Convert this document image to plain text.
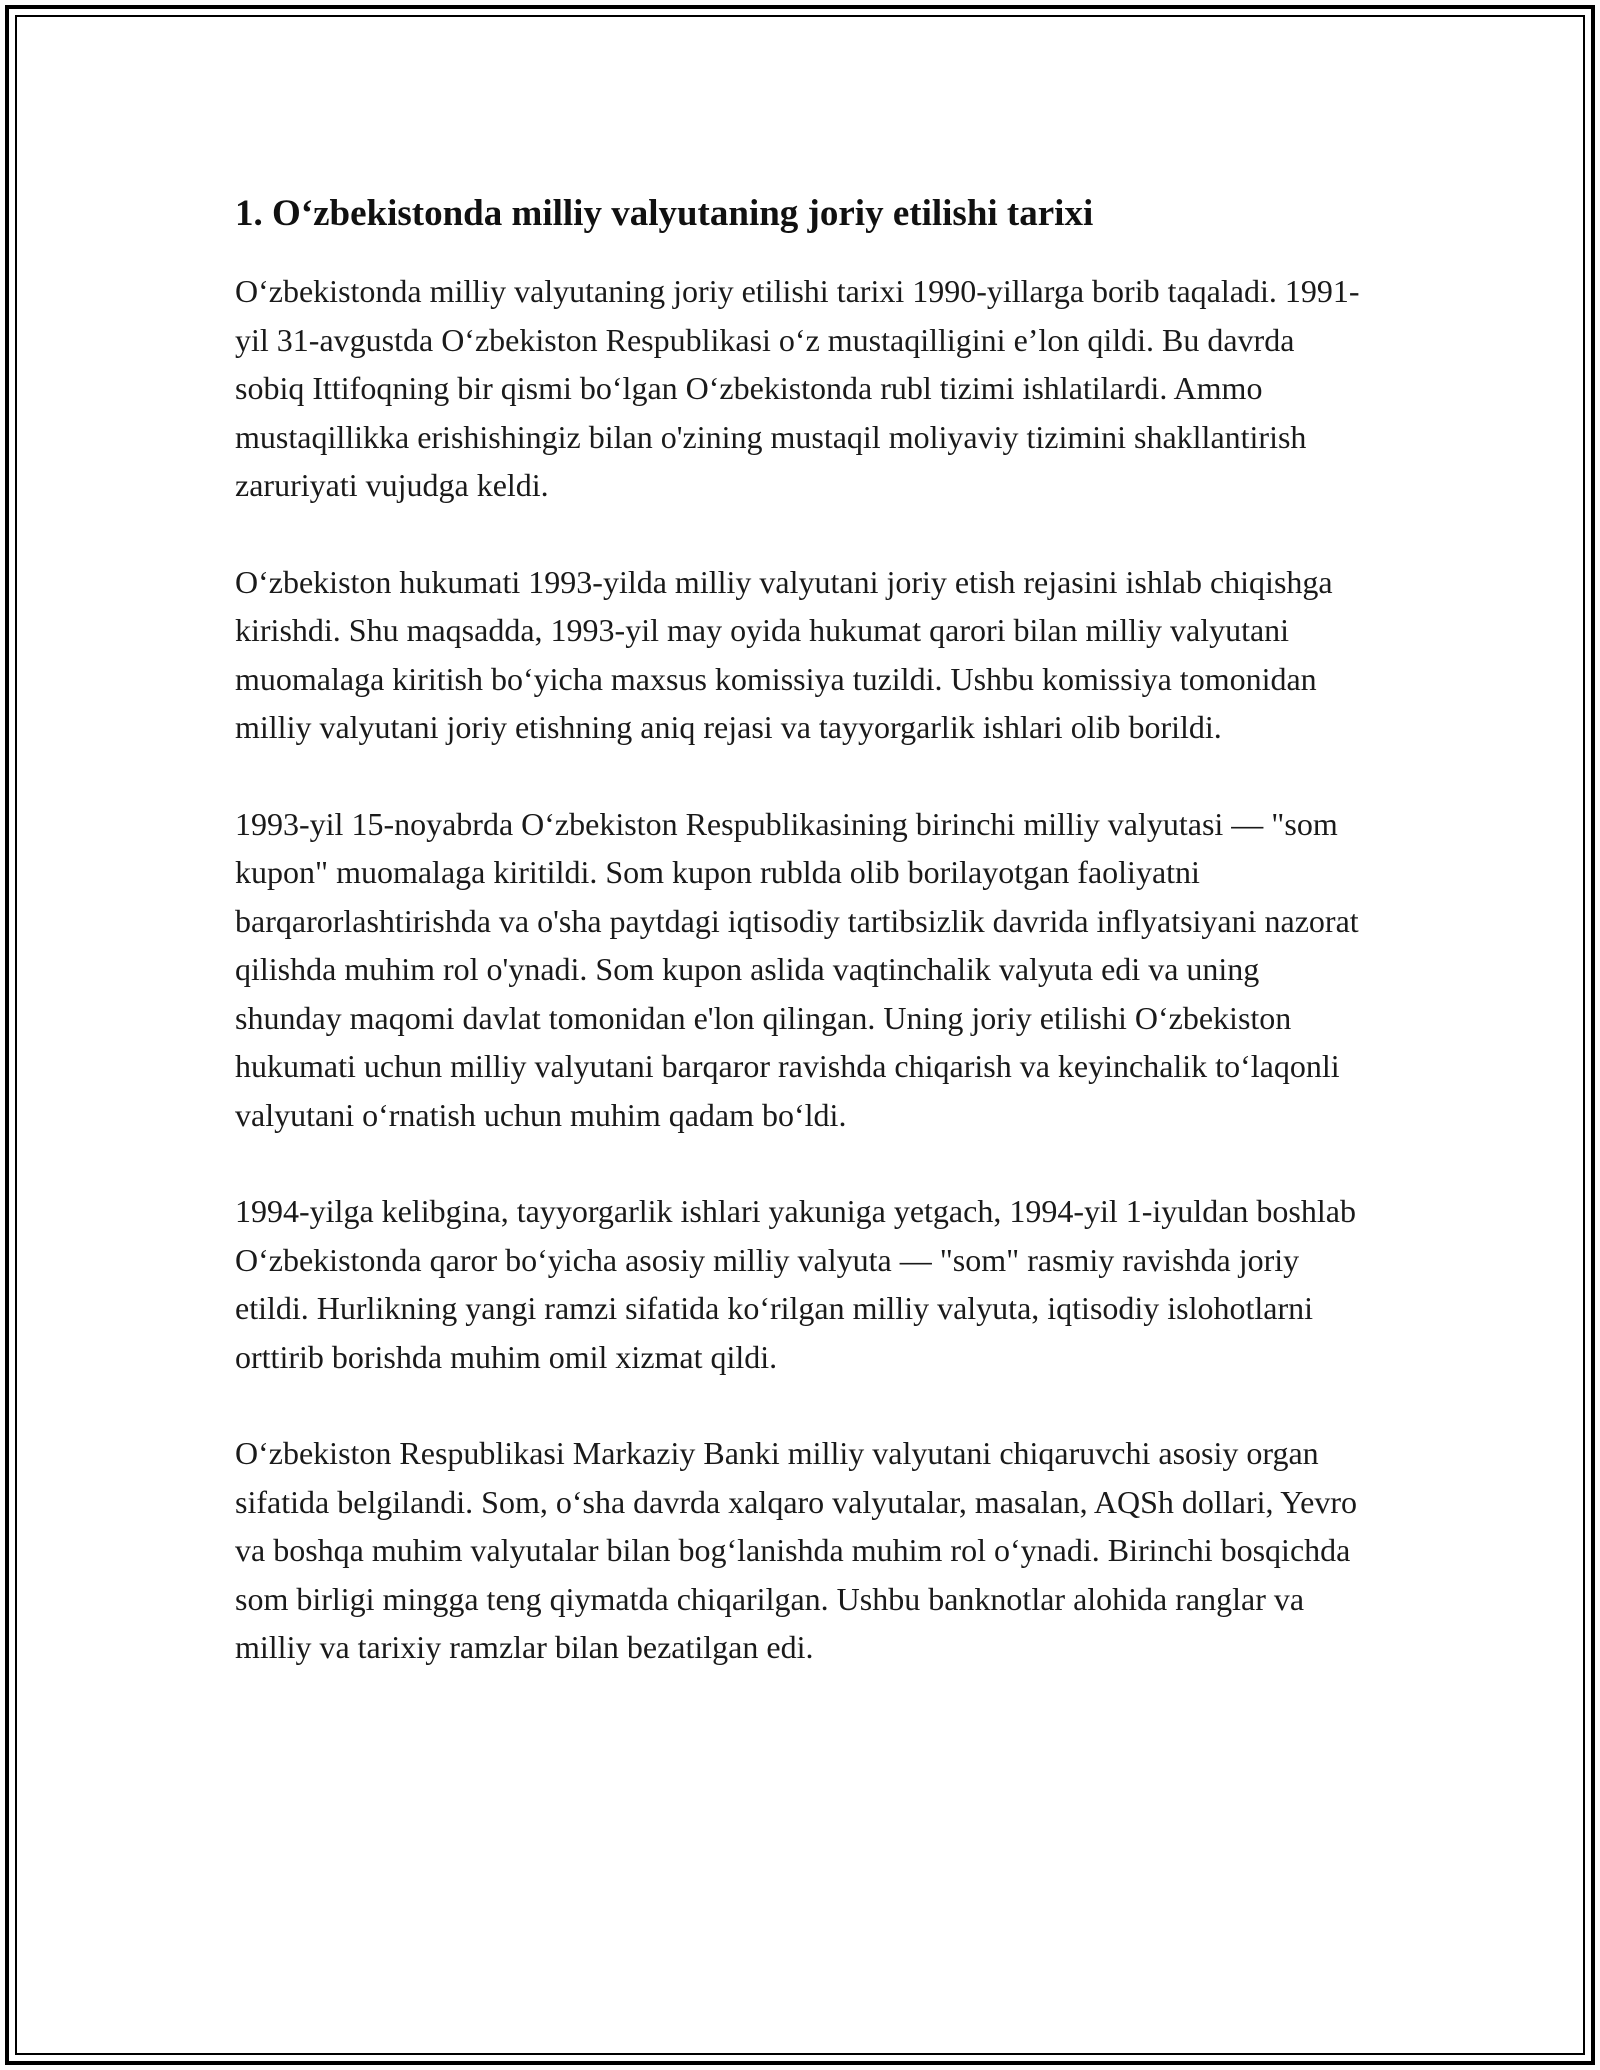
1. O‘zbekistonda milliy valyutaning joriy etilishi tarixi

O‘zbekistonda milliy valyutaning joriy etilishi tarixi 1990-yillarga borib taqaladi. 1991-yil 31-avgustda O‘zbekiston Respublikasi o‘z mustaqilligini e’lon qildi. Bu davrda sobiq Ittifoqning bir qismi bo‘lgan O‘zbekistonda rubl tizimi ishlatilardi. Ammo mustaqillikka erishishingiz bilan o'zining mustaqil moliyaviy tizimini shakllantirish zaruriyati vujudga keldi.

O‘zbekiston hukumati 1993-yilda milliy valyutani joriy etish rejasini ishlab chiqishga kirishdi. Shu maqsadda, 1993-yil may oyida hukumat qarori bilan milliy valyutani muomalaga kiritish bo‘yicha maxsus komissiya tuzildi. Ushbu komissiya tomonidan milliy valyutani joriy etishning aniq rejasi va tayyorgarlik ishlari olib borildi.

1993-yil 15-noyabrda O‘zbekiston Respublikasining birinchi milliy valyutasi — "som kupon" muomalaga kiritildi. Som kupon rublda olib borilayotgan faoliyatni barqarorlashtirishda va o'sha paytdagi iqtisodiy tartibsizlik davrida inflyatsiyani nazorat qilishda muhim rol o'ynadi. Som kupon aslida vaqtinchalik valyuta edi va uning shunday maqomi davlat tomonidan e'lon qilingan. Uning joriy etilishi O‘zbekiston hukumati uchun milliy valyutani barqaror ravishda chiqarish va keyinchalik to‘laqonli valyutani o‘rnatish uchun muhim qadam bo‘ldi.

1994-yilga kelibgina, tayyorgarlik ishlari yakuniga yetgach, 1994-yil 1-iyuldan boshlab O‘zbekistonda qaror bo‘yicha asosiy milliy valyuta — "som" rasmiy ravishda joriy etildi. Hurlikning yangi ramzi sifatida ko‘rilgan milliy valyuta, iqtisodiy islohotlarni orttirib borishda muhim omil xizmat qildi.

O‘zbekiston Respublikasi Markaziy Banki milliy valyutani chiqaruvchi asosiy organ sifatida belgilandi. Som, o‘sha davrda xalqaro valyutalar, masalan, AQSh dollari, Yevro va boshqa muhim valyutalar bilan bog‘lanishda muhim rol o‘ynadi. Birinchi bosqichda som birligi mingga teng qiymatda chiqarilgan. Ushbu banknotlar alohida ranglar va milliy va tarixiy ramzlar bilan bezatilgan edi.
